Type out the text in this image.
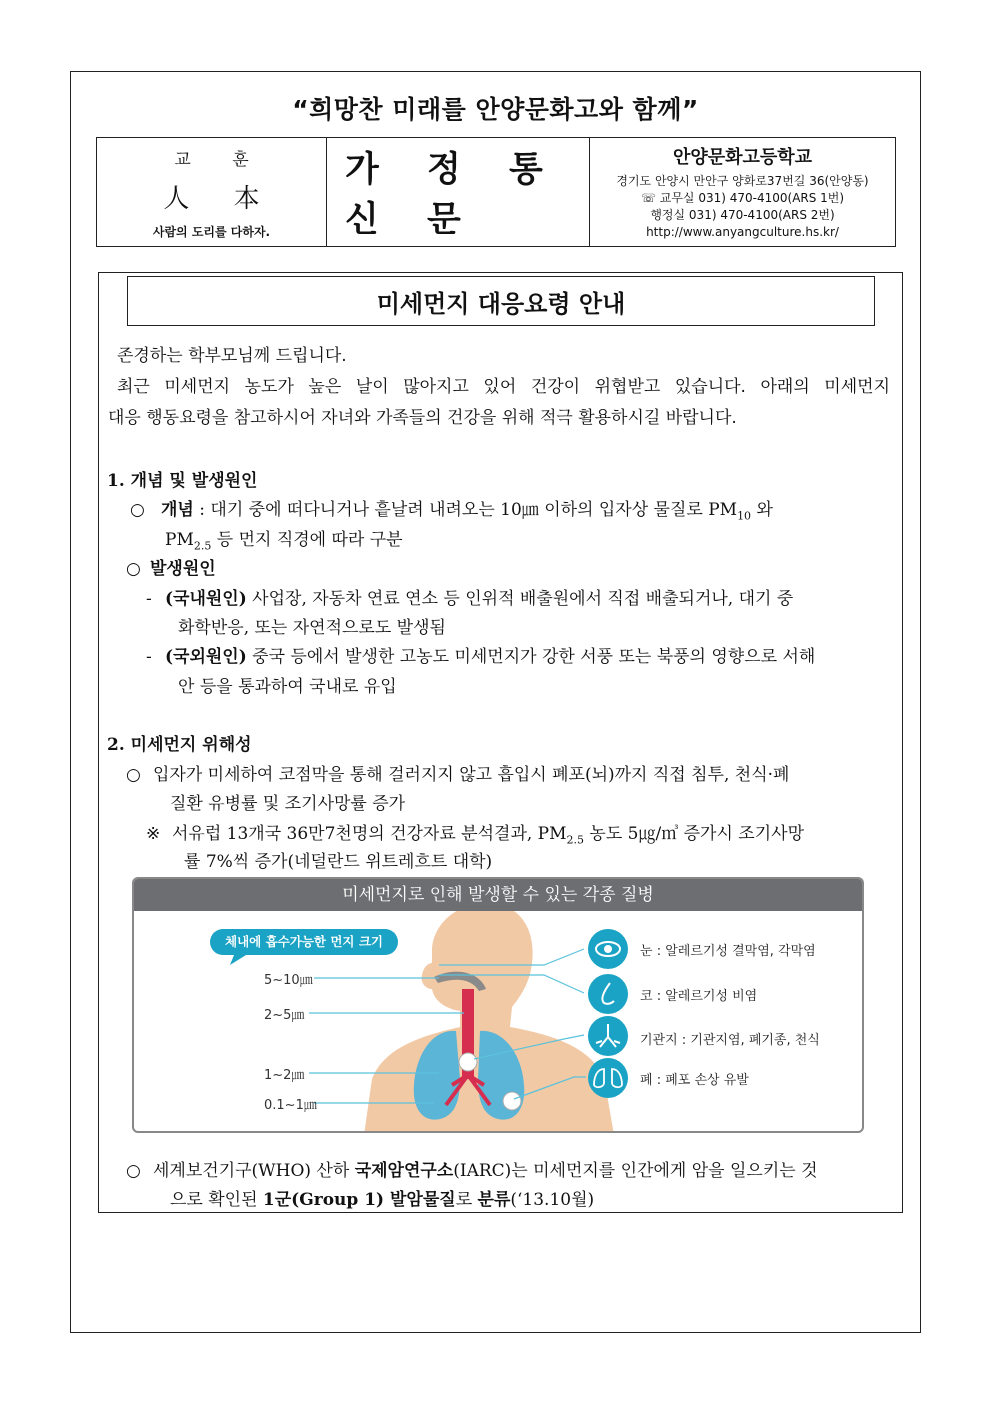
“희망찬 미래를 안양문화고와 함께”
교 훈
人 本
사람의 도리를 다하자.
가 정 통 신 문
안양문화고등학교
경기도 안양시 만안구 양화로37번길 36(안양동)
☏ 교무실 031) 470-4100(ARS 1번)
행정실 031) 470-4100(ARS 2번)
http://www.anyangculture.hs.kr/
미세먼지 대응요령 안내
존경하는 학부모님께 드립니다.
최근 미세먼지 농도가 높은 날이 많아지고 있어 건강이 위협받고 있습니다. 아래의 미세먼지
대응 행동요령을 참고하시어 자녀와 가족들의 건강을 위해 적극 활용하시길 바랍니다.
1. 개념 및 발생원인
○ 개념 : 대기 중에 떠다니거나 흩날려 내려오는 10㎛ 이하의 입자상 물질로 $PM_{10}$ 와
$PM_{2.5}$ 등 먼지 직경에 따라 구분
○ 발생원인
- (국내원인) 사업장, 자동차 연료 연소 등 인위적 배출원에서 직접 배출되거나, 대기 중
화학반응, 또는 자연적으로도 발생됨
- (국외원인) 중국 등에서 발생한 고농도 미세먼지가 강한 서풍 또는 북풍의 영향으로 서해
안 등을 통과하여 국내로 유입
2. 미세먼지 위해성
○ 입자가 미세하여 코점막을 통해 걸러지지 않고 흡입시 폐포(뇌)까지 직접 침투, 천식·폐
질환 유병률 및 조기사망률 증가
※ 서유럽 13개국 36만7천명의 건강자료 분석결과, $PM_{2.5}$ 농도 5㎍/㎥ 증가시 조기사망
률 7%씩 증가(네덜란드 위트레흐트 대학)
미세먼지로 인해 발생할 수 있는 각종 질병
체내에 흡수가능한 먼지 크기
5~10㎛
2~5㎛
1~2㎛
0.1~1㎛
눈 : 알레르기성 결막염, 각막염
코 : 알레르기성 비염
기관지 : 기관지염, 폐기종, 천식
폐 : 폐포 손상 유발
○ 세계보건기구(WHO) 산하 국제암연구소(IARC)는 미세먼지를 인간에게 암을 일으키는 것
으로 확인된 1군(Group 1) 발암물질로 분류(‘13.10월)
